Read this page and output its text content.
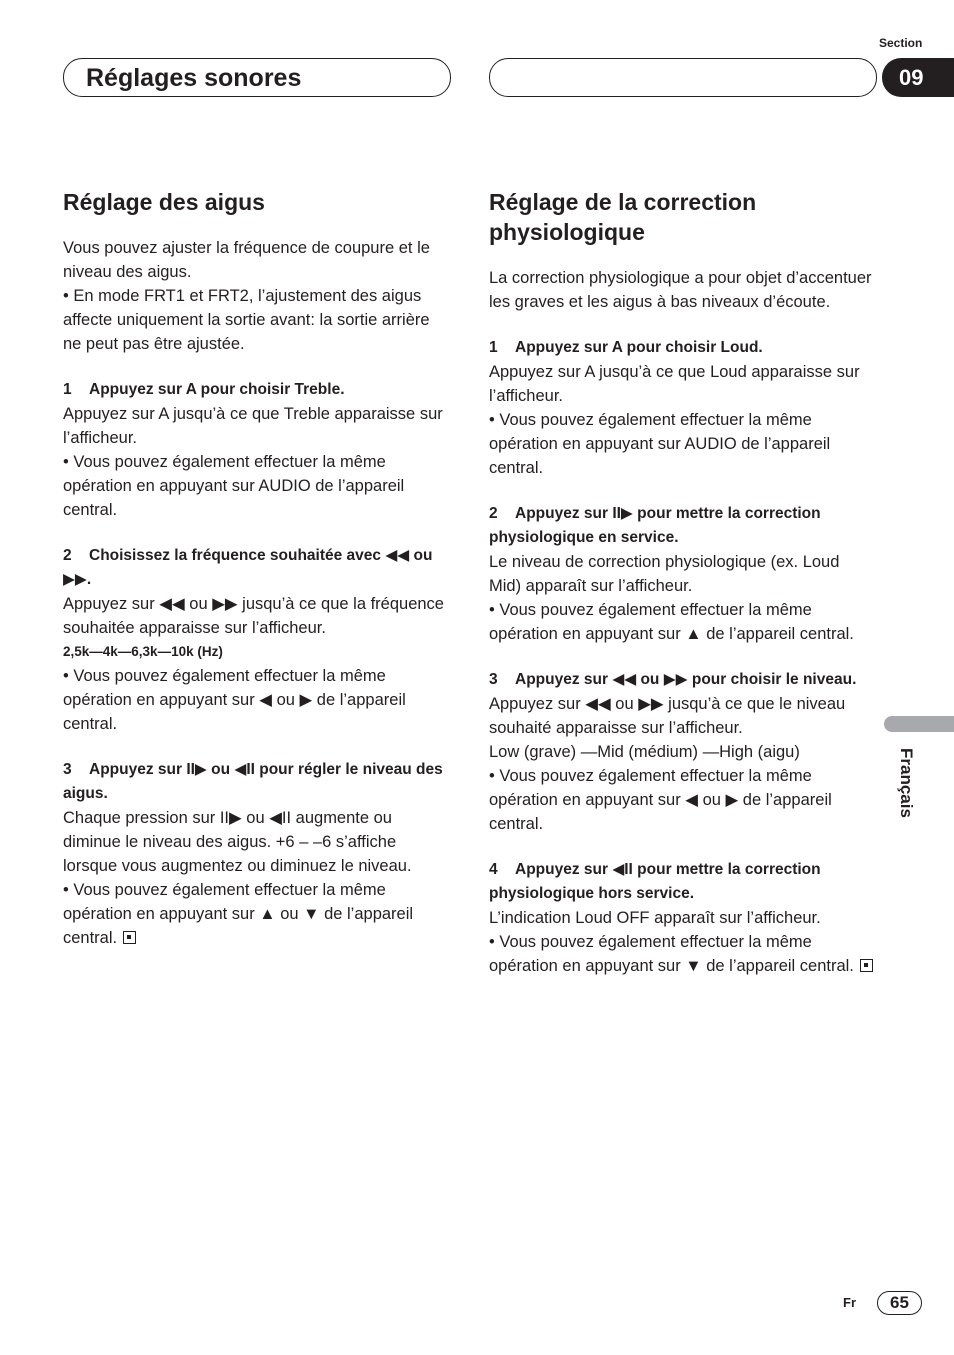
Section
Réglages sonores	09
Français
Réglage des aigus

Vous pouvez ajuster la fréquence de coupure et le niveau des aigus.

• En mode FRT1 et FRT2, l’ajustement des aigus affecte uniquement la sortie avant: la sortie arrière ne peut pas être ajustée.

1 Appuyez sur A pour choisir Treble.

Appuyez sur A jusqu’à ce que Treble apparaisse sur l’afficheur.

• Vous pouvez également effectuer la même opération en appuyant sur AUDIO de l’appareil central.

2 Choisissez la fréquence souhaitée avec ◀◀ ou ▶▶.

Appuyez sur ◀◀ ou ▶▶ jusqu’à ce que la fréquence souhaitée apparaisse sur l’afficheur.

2,5k—4k—6,3k—10k (Hz)

• Vous pouvez également effectuer la même opération en appuyant sur ◀ ou ▶ de l’appareil central.

3 Appuyez sur II▶ ou ◀II pour régler le niveau des aigus.

Chaque pression sur II▶ ou ◀II augmente ou diminue le niveau des aigus. +6 – –6 s’affiche lorsque vous augmentez ou diminuez le niveau.

• Vous pouvez également effectuer la même opération en appuyant sur ▲ ou ▼ de l’appareil central.

Réglage de la correction physiologique

La correction physiologique a pour objet d’accentuer les graves et les aigus à bas niveaux d’écoute.

1 Appuyez sur A pour choisir Loud.

Appuyez sur A jusqu’à ce que Loud apparaisse sur l’afficheur.

• Vous pouvez également effectuer la même opération en appuyant sur AUDIO de l’appareil central.

2 Appuyez sur II▶ pour mettre la correction physiologique en service.

Le niveau de correction physiologique (ex. Loud Mid) apparaît sur l’afficheur.

• Vous pouvez également effectuer la même opération en appuyant sur ▲ de l’appareil central.

3 Appuyez sur ◀◀ ou ▶▶ pour choisir le niveau.

Appuyez sur ◀◀ ou ▶▶ jusqu’à ce que le niveau souhaité apparaisse sur l’afficheur.

Low (grave) —Mid (médium) —High (aigu)

• Vous pouvez également effectuer la même opération en appuyant sur ◀ ou ▶ de l’appareil central.

4 Appuyez sur ◀II pour mettre la correction physiologique hors service.

L’indication Loud OFF apparaît sur l’afficheur.

• Vous pouvez également effectuer la même opération en appuyant sur ▼ de l’appareil central.

Fr	65
